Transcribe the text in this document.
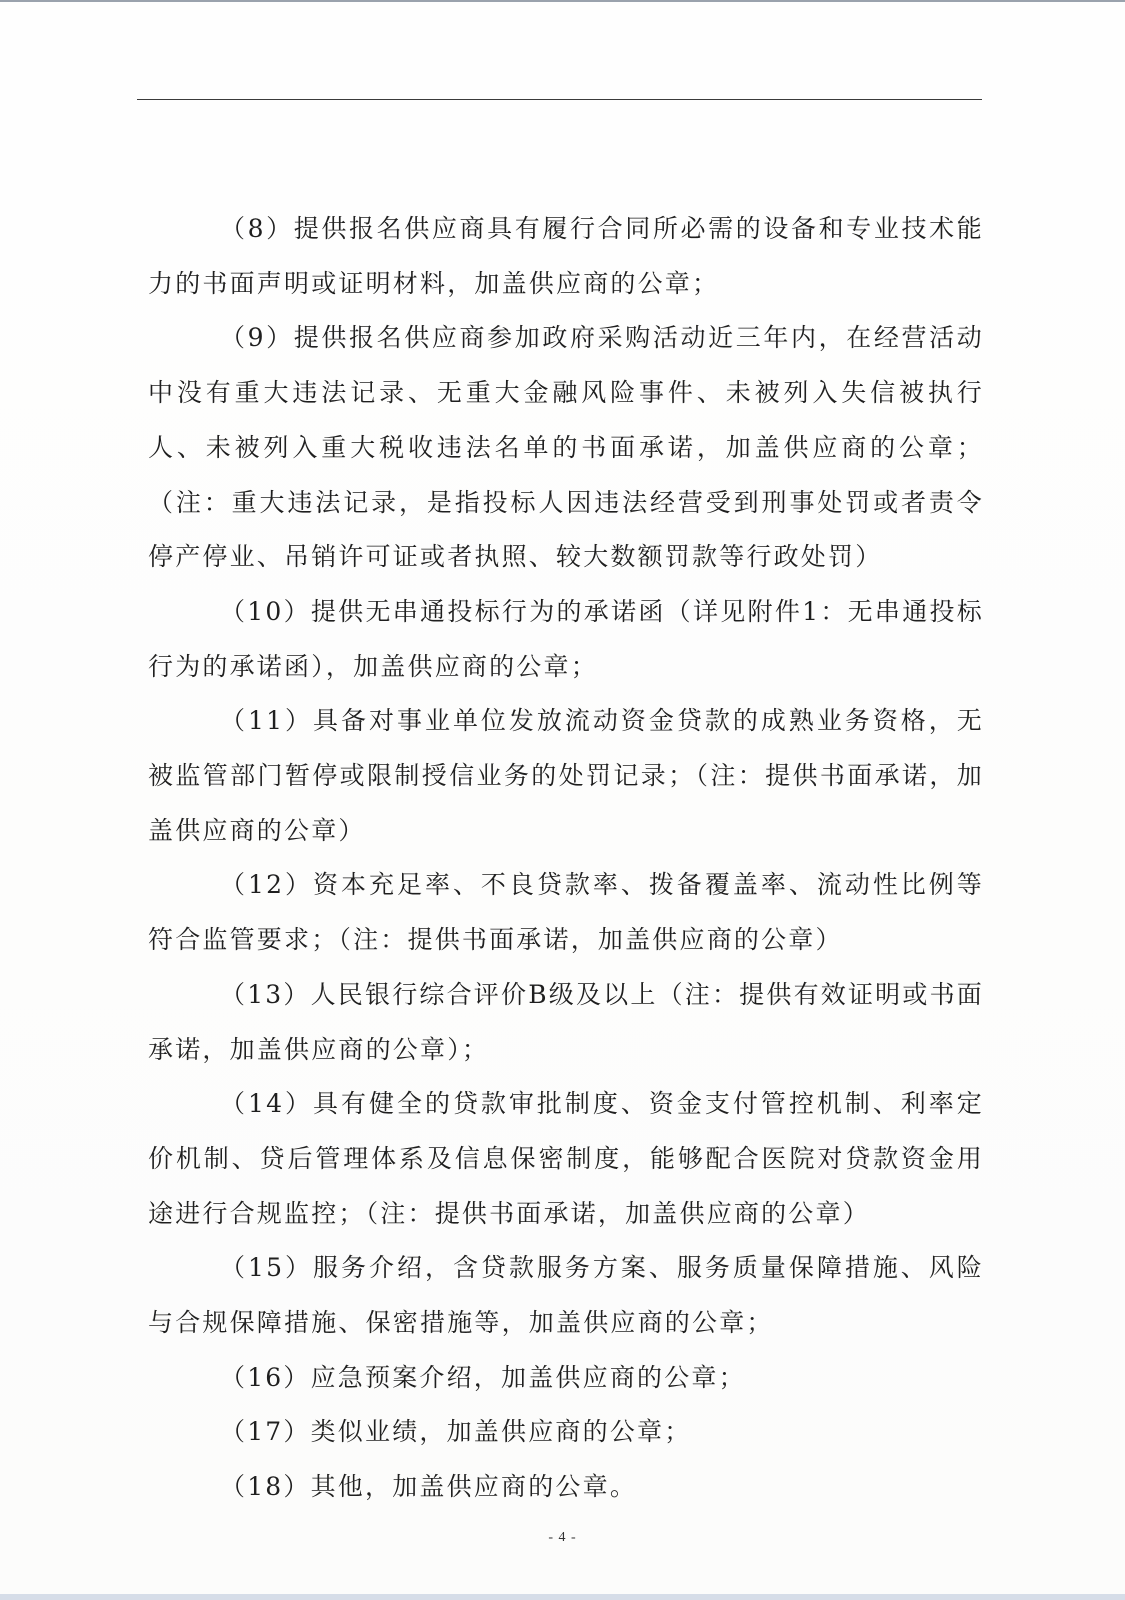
（8）提供报名供应商具有履行合同所必需的设备和专业技术能力的书面声明或证明材料，加盖供应商的公章；

（9）提供报名供应商参加政府采购活动近三年内，在经营活动中没有重大违法记录、无重大金融风险事件、未被列入失信被执行人、未被列入重大税收违法名单的书面承诺，加盖供应商的公章；（注：重大违法记录，是指投标人因违法经营受到刑事处罚或者责令停产停业、吊销许可证或者执照、较大数额罚款等行政处罚）

（10）提供无串通投标行为的承诺函（详见附件1：无串通投标行为的承诺函），加盖供应商的公章；

（11）具备对事业单位发放流动资金贷款的成熟业务资格，无被监管部门暂停或限制授信业务的处罚记录；（注：提供书面承诺，加盖供应商的公章）

（12）资本充足率、不良贷款率、拨备覆盖率、流动性比例等符合监管要求；（注：提供书面承诺，加盖供应商的公章）

（13）人民银行综合评价B级及以上（注：提供有效证明或书面承诺，加盖供应商的公章）；

（14）具有健全的贷款审批制度、资金支付管控机制、利率定价机制、贷后管理体系及信息保密制度，能够配合医院对贷款资金用途进行合规监控；（注：提供书面承诺，加盖供应商的公章）

（15）服务介绍，含贷款服务方案、服务质量保障措施、风险与合规保障措施、保密措施等，加盖供应商的公章；

（16）应急预案介绍，加盖供应商的公章；

（17）类似业绩，加盖供应商的公章；

（18）其他，加盖供应商的公章。

- 4 -
